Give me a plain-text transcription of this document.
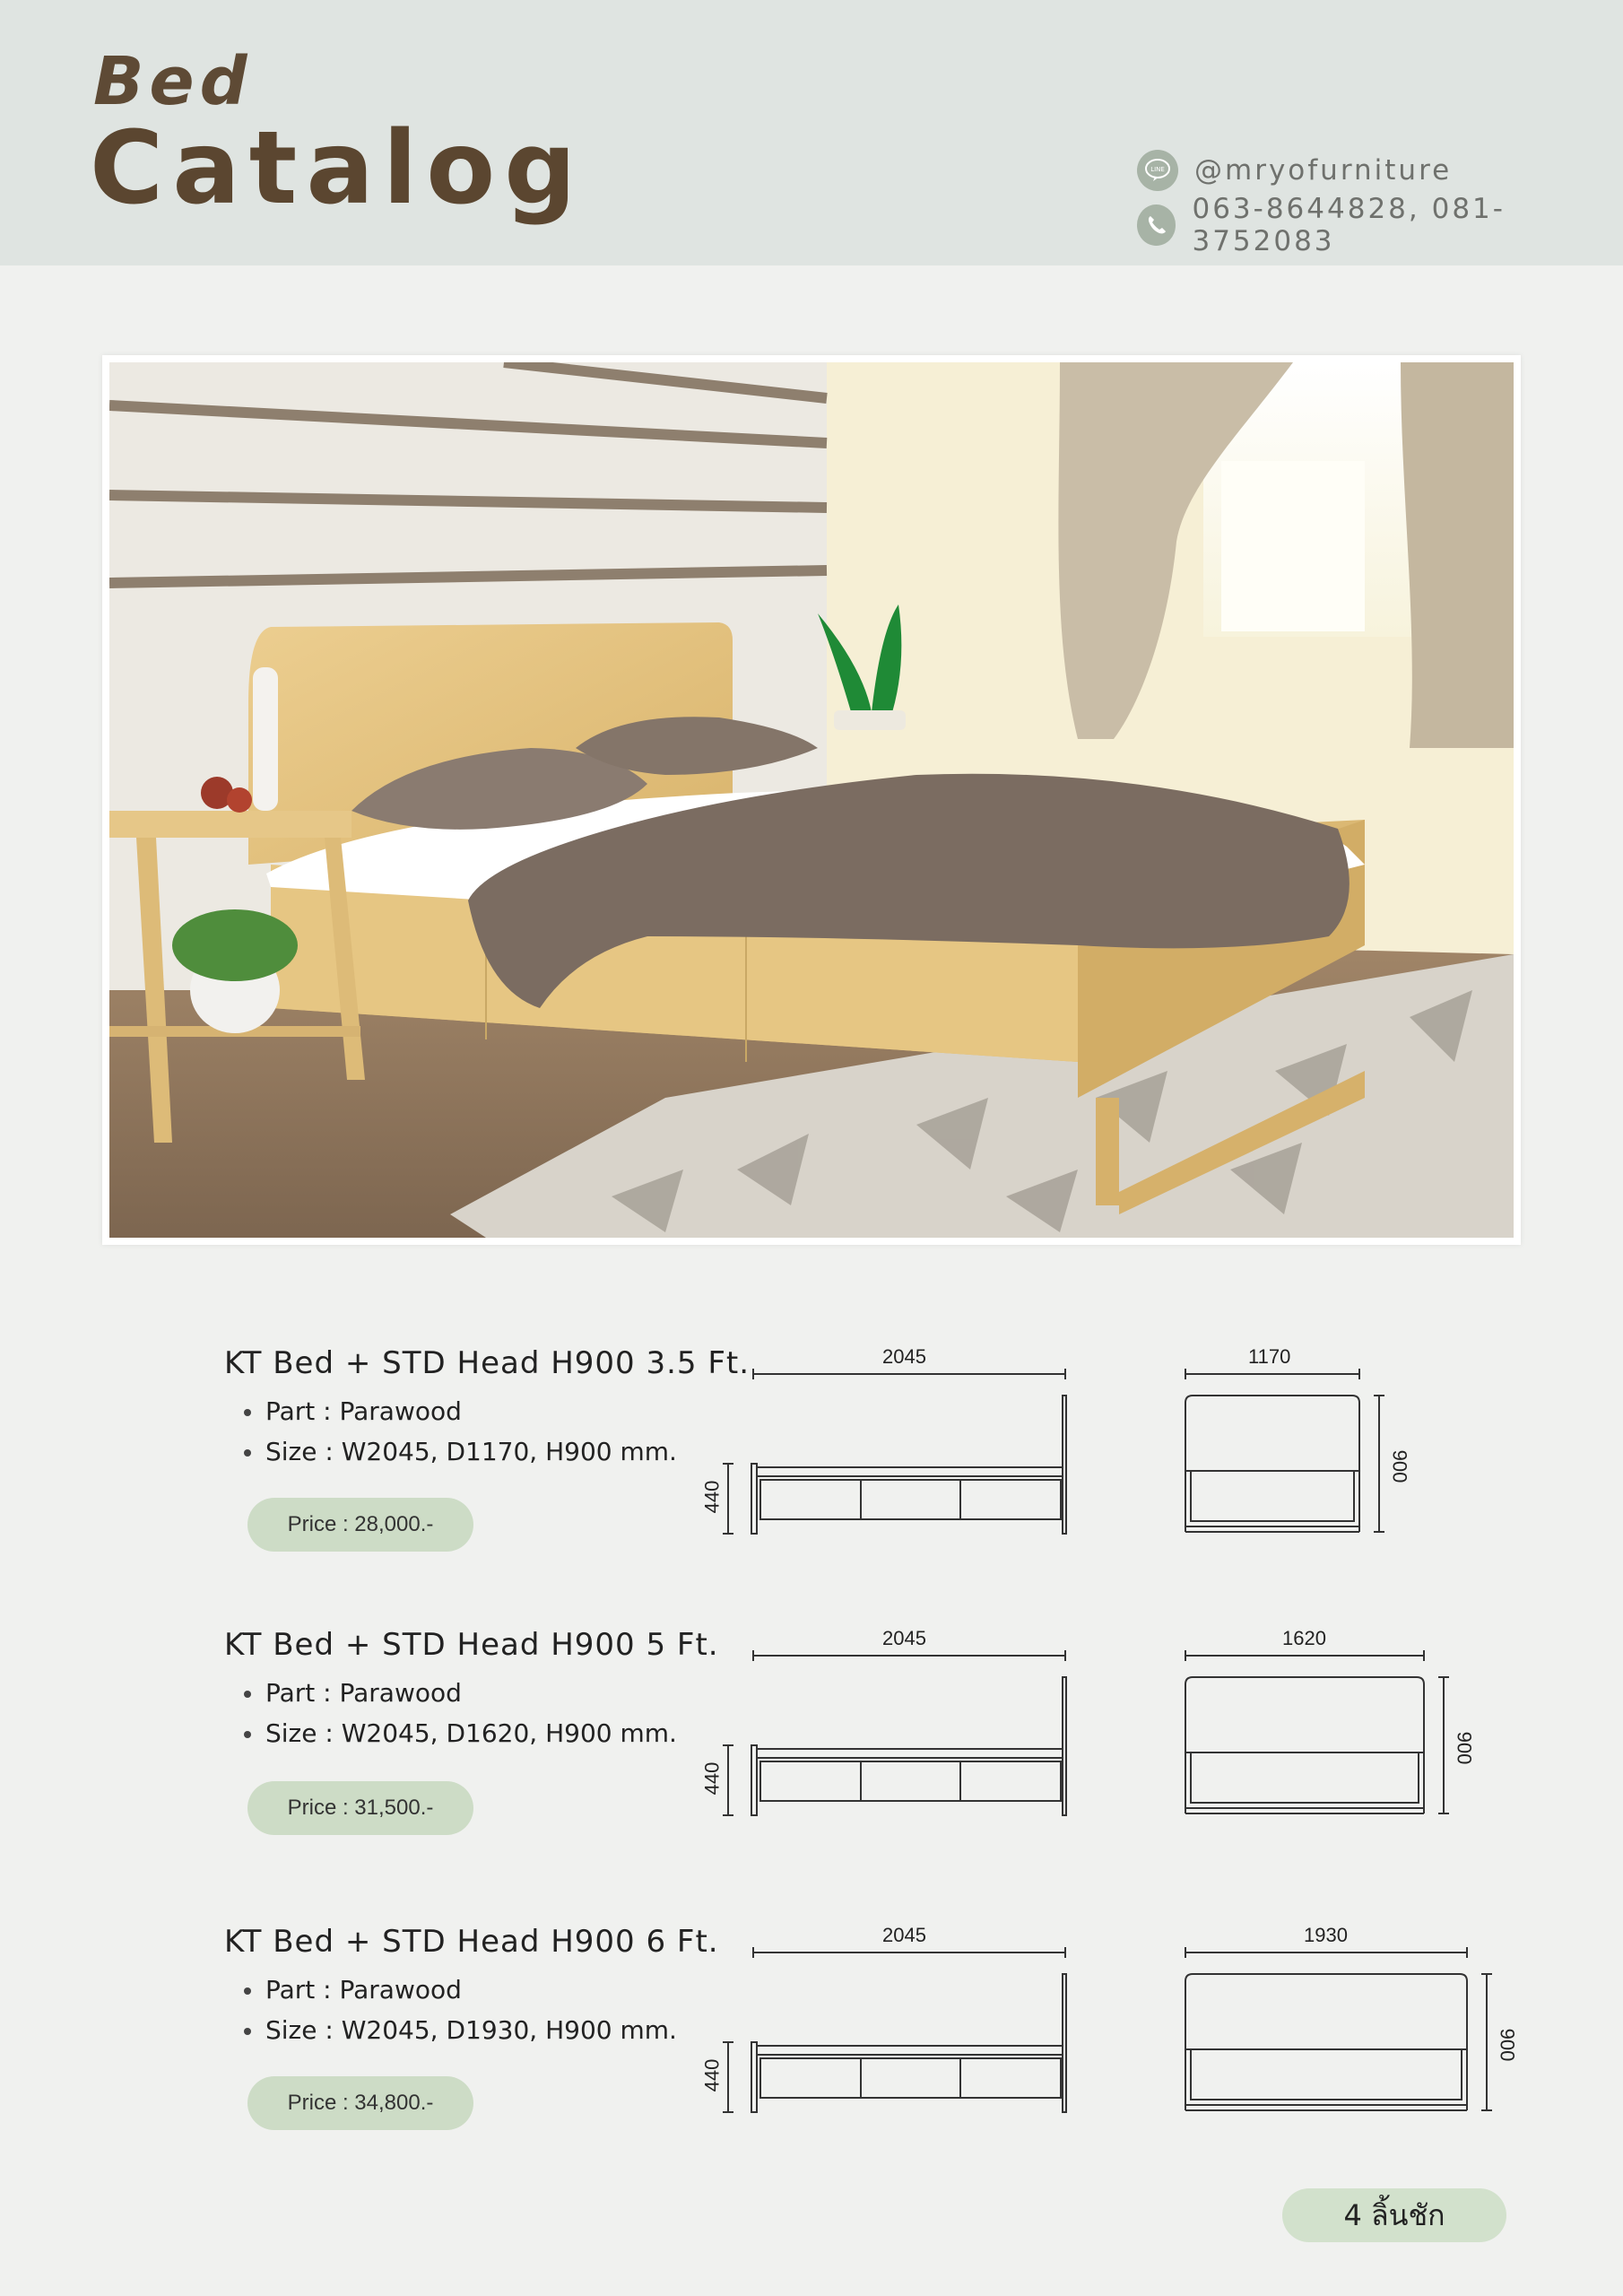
Bed
Catalog	LINE @mryofurniture
063-8644828, 081-3752083
KT Bed + STD Head H900 3.5 Ft.
Part : Parawood
Size : W2045, D1170, H900 mm.
Price : 28,000.-
2045
440
1170
900
KT Bed + STD Head H900 5 Ft.
Part : Parawood
Size : W2045, D1620, H900 mm.
Price : 31,500.-
2045
440
1620
900
KT Bed + STD Head H900 6 Ft.
Part : Parawood
Size : W2045, D1930, H900 mm.
Price : 34,800.-
2045
440
1930
900
4 ลิ้นชัก
